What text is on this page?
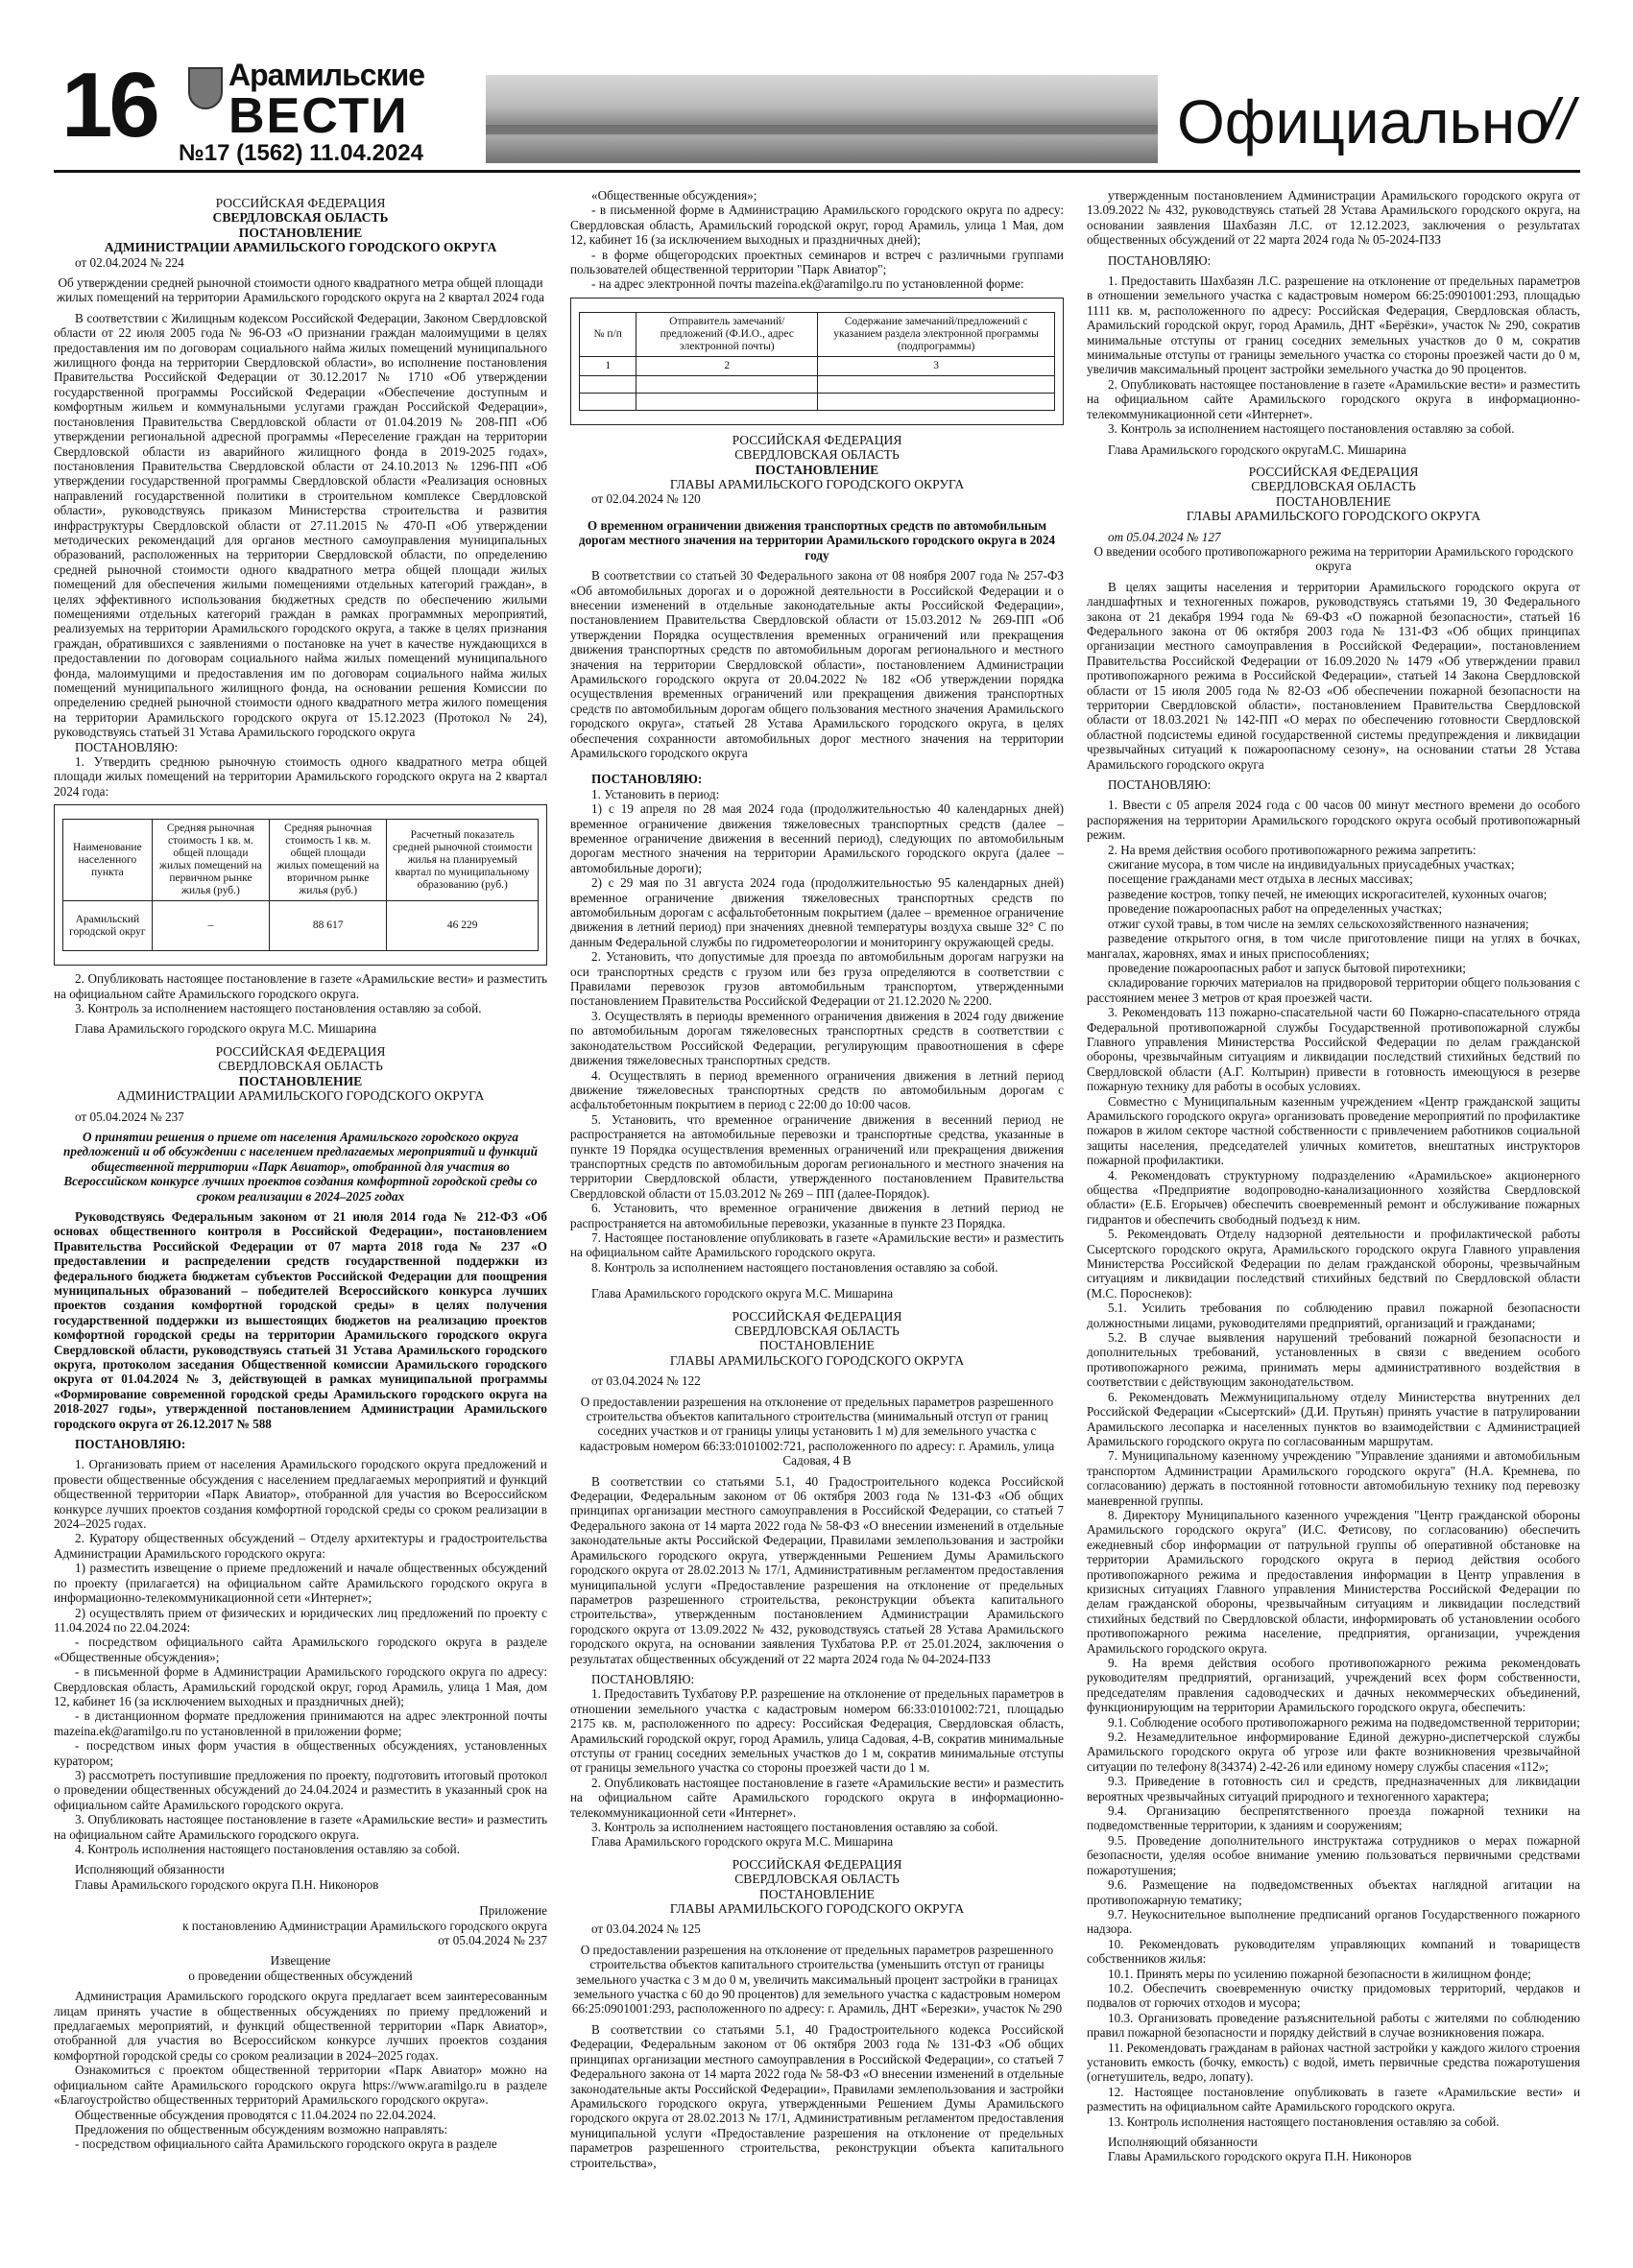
16 Арамильские
ВЕСТИ
№17 (1562) 11.04.2024	Официально
//
РОССИЙСКАЯ ФЕДЕРАЦИЯ
СВЕРДЛОВСКАЯ ОБЛАСТЬ
ПОСТАНОВЛЕНИЕ
АДМИНИСТРАЦИИ АРАМИЛЬСКОГО ГОРОДСКОГО ОКРУГА

от 02.04.2024 № 224

Об утверждении средней рыночной стоимости одного квадратного метра общей площади жилых помещений на территории Арамильского городского округа на 2 квартал 2024 года

В соответствии с Жилищным кодексом Российской Федерации, Законом Свердловской области от 22 июля 2005 года № 96-ОЗ «О признании граждан малоимущими в целях предоставления им по договорам социального найма жилых помещений муниципального жилищного фонда на территории Свердловской области», во исполнение постановления Правительства Российской Федерации от 30.12.2017 № 1710 «Об утверждении государственной программы Российской Федерации «Обеспечение доступным и комфортным жильем и коммунальными услугами граждан Российской Федерации», постановления Правительства Свердловской области от 01.04.2019 № 208-ПП «Об утверждении региональной адресной программы «Переселение граждан на территории Свердловской области из аварийного жилищного фонда в 2019-2025 годах», постановления Правительства Свердловской области от 24.10.2013 № 1296-ПП «Об утверждении государственной программы Свердловской области «Реализация основных направлений государственной политики в строительном комплексе Свердловской области», руководствуясь приказом Министерства строительства и развития инфраструктуры Свердловской области от 27.11.2015 № 470-П «Об утверждении методических рекомендаций для органов местного самоуправления муниципальных образований, расположенных на территории Свердловской области, по определению средней рыночной стоимости одного квадратного метра общей площади жилых помещений для обеспечения жилыми помещениями отдельных категорий граждан», в целях эффективного использования бюджетных средств по обеспечению жилыми помещениями отдельных категорий граждан в рамках программных мероприятий, реализуемых на территории Арамильского городского округа, а также в целях признания граждан, обратившихся с заявлениями о постановке на учет в качестве нуждающихся в предоставлении по договорам социального найма жилых помещений муниципального фонда, малоимущими и предоставления им по договорам социального найма жилых помещений муниципального жилищного фонда, на основании решения Комиссии по определению средней рыночной стоимости одного квадратного метра жилого помещения на территории Арамильского городского округа от 15.12.2023 (Протокол № 24), руководствуясь статьей 31 Устава Арамильского городского округа

ПОСТАНОВЛЯЮ:

1. Утвердить среднюю рыночную стоимость одного квадратного метра общей площади жилых помещений на территории Арамильского городского округа на 2 квартал 2024 года:

Наименование населенного пункта	Средняя рыночная стоимость 1 кв. м. общей площади жилых помещений на первичном рынке жилья (руб.)	Средняя рыночная стоимость 1 кв. м. общей площади жилых помещений на вторичном рынке жилья (руб.)	Расчетный показатель средней рыночной стоимости жилья на планируемый квартал по муниципальному образованию (руб.)
Арамильский городской округ	–	88 617	46 229

2. Опубликовать настоящее постановление в газете «Арамильские вести» и разместить на официальном сайте Арамильского городского округа.

3. Контроль за исполнением настоящего постановления оставляю за собой.

Глава Арамильского городского округа М.С. Мишарина

РОССИЙСКАЯ ФЕДЕРАЦИЯ
СВЕРДЛОВСКАЯ ОБЛАСТЬ
ПОСТАНОВЛЕНИЕ
АДМИНИСТРАЦИИ АРАМИЛЬСКОГО ГОРОДСКОГО ОКРУГА

от 05.04.2024 № 237

О принятии решения о приеме от населения Арамильского городского округа предложений и об обсуждении с населением предлагаемых мероприятий и функций общественной территории «Парк Авиатор», отобранной для участия во Всероссийском конкурсе лучших проектов создания комфортной городской среды со сроком реализации в 2024–2025 годах

Руководствуясь Федеральным законом от 21 июля 2014 года № 212-ФЗ «Об основах общественного контроля в Российской Федерации», постановлением Правительства Российской Федерации от 07 марта 2018 года № 237 «О предоставлении и распределении средств государственной поддержки из федерального бюджета бюджетам субъектов Российской Федерации для поощрения муниципальных образований – победителей Всероссийского конкурса лучших проектов создания комфортной городской среды» в целях получения государственной поддержки из вышестоящих бюджетов на реализацию проектов комфортной городской среды на территории Арамильского городского округа Свердловской области, руководствуясь статьей 31 Устава Арамильского городского округа, протоколом заседания Общественной комиссии Арамильского городского округа от 01.04.2024 № 3, действующей в рамках муниципальной программы «Формирование современной городской среды Арамильского городского округа на 2018-2027 годы», утвержденной постановлением Администрации Арамильского городского округа от 26.12.2017 № 588

ПОСТАНОВЛЯЮ:

1. Организовать прием от населения Арамильского городского округа предложений и провести общественные обсуждения с населением предлагаемых мероприятий и функций общественной территории «Парк Авиатор», отобранной для участия во Всероссийском конкурсе лучших проектов создания комфортной городской среды со сроком реализации в 2024–2025 годах.

2. Куратору общественных обсуждений – Отделу архитектуры и градостроительства Администрации Арамильского городского округа:

1) разместить извещение о приеме предложений и начале общественных обсуждений по проекту (прилагается) на официальном сайте Арамильского городского округа в информационно-телекоммуникационной сети «Интернет»;

2) осуществлять прием от физических и юридических лиц предложений по проекту с 11.04.2024 по 22.04.2024:

- посредством официального сайта Арамильского городского округа в разделе «Общественные обсуждения»;

- в письменной форме в Администрации Арамильского городского округа по адресу: Свердловская область, Арамильский городской округ, город Арамиль, улица 1 Мая, дом 12, кабинет 16 (за исключением выходных и праздничных дней);

- в дистанционном формате предложения принимаются на адрес электронной почты mazeina.ek@aramilgo.ru по установленной в приложении форме;

- посредством иных форм участия в общественных обсуждениях, установленных куратором;

3) рассмотреть поступившие предложения по проекту, подготовить итоговый протокол о проведении общественных обсуждений до 24.04.2024 и разместить в указанный срок на официальном сайте Арамильского городского округа.

3. Опубликовать настоящее постановление в газете «Арамильские вести» и разместить на официальном сайте Арамильского городского округа.

4. Контроль исполнения настоящего постановления оставляю за собой.

Исполняющий обязанности

Главы Арамильского городского округа П.Н. Никоноров

Приложение
к постановлению Администрации Арамильского городского округа
от 05.04.2024 № 237

Извещение

о проведении общественных обсуждений

Администрация Арамильского городского округа предлагает всем заинтересованным лицам принять участие в общественных обсуждениях по приему предложений и предлагаемых мероприятий, и функций общественной территории «Парк Авиатор», отобранной для участия во Всероссийском конкурсе лучших проектов создания комфортной городской среды со сроком реализации в 2024–2025 годах.

Ознакомиться с проектом общественной территории «Парк Авиатор» можно на официальном сайте Арамильского городского округа https://www.aramilgo.ru в разделе «Благоустройство общественных территорий Арамильского городского округа».

Общественные обсуждения проводятся с 11.04.2024 по 22.04.2024.

Предложения по общественным обсуждениям возможно направлять:

- посредством официального сайта Арамильского городского округа в разделе

«Общественные обсуждения»;

- в письменной форме в Администрацию Арамильского городского округа по адресу: Свердловская область, Арамильский городской округ, город Арамиль, улица 1 Мая, дом 12, кабинет 16 (за исключением выходных и праздничных дней);

- в форме общегородских проектных семинаров и встреч с различными группами пользователей общественной территории "Парк Авиатор";

- на адрес электронной почты mazeina.ek@aramilgo.ru по установленной форме:

№ п/п	Отправитель замечаний/ предложений (Ф.И.О., адрес электронной почты)	Содержание замечаний/предложений с указанием раздела электронной программы (подпрограммы)
1	2	3

РОССИЙСКАЯ ФЕДЕРАЦИЯ
СВЕРДЛОВСКАЯ ОБЛАСТЬ
ПОСТАНОВЛЕНИЕ
ГЛАВЫ АРАМИЛЬСКОГО ГОРОДСКОГО ОКРУГА

от 02.04.2024 № 120

О временном ограничении движения транспортных средств по автомобильным дорогам местного значения на территории Арамильского городского округа в 2024 году

В соответствии со статьей 30 Федерального закона от 08 ноября 2007 года № 257-ФЗ «Об автомобильных дорогах и о дорожной деятельности в Российской Федерации и о внесении изменений в отдельные законодательные акты Российской Федерации», постановлением Правительства Свердловской области от 15.03.2012 № 269-ПП «Об утверждении Порядка осуществления временных ограничений или прекращения движения транспортных средств по автомобильным дорогам регионального и местного значения на территории Свердловской области», постановлением Администрации Арамильского городского округа от 20.04.2022 № 182 «Об утверждении порядка осуществления временных ограничений или прекращения движения транспортных средств по автомобильным дорогам общего пользования местного значения Арамильского городского округа», статьей 28 Устава Арамильского городского округа, в целях обеспечения сохранности автомобильных дорог местного значения на территории Арамильского городского округа

ПОСТАНОВЛЯЮ:

1. Установить в период:

1) с 19 апреля по 28 мая 2024 года (продолжительностью 40 календарных дней) временное ограничение движения тяжеловесных транспортных средств (далее – временное ограничение движения в весенний период), следующих по автомобильным дорогам местного значения на территории Арамильского городского округа (далее – автомобильные дороги);

2) с 29 мая по 31 августа 2024 года (продолжительностью 95 календарных дней) временное ограничение движения тяжеловесных транспортных средств по автомобильным дорогам с асфальтобетонным покрытием (далее – временное ограничение движения в летний период) при значениях дневной температуры воздуха свыше 32° С по данным Федеральной службы по гидрометеорологии и мониторингу окружающей среды.

2. Установить, что допустимые для проезда по автомобильным дорогам нагрузки на оси транспортных средств с грузом или без груза определяются в соответствии с Правилами перевозок грузов автомобильным транспортом, утвержденными постановлением Правительства Российской Федерации от 21.12.2020 № 2200.

3. Осуществлять в периоды временного ограничения движения в 2024 году движение по автомобильным дорогам тяжеловесных транспортных средств в соответствии с законодательством Российской Федерации, регулирующим правоотношения в сфере движения тяжеловесных транспортных средств.

4. Осуществлять в период временного ограничения движения в летний период движение тяжеловесных транспортных средств по автомобильным дорогам с асфальтобетонным покрытием в период с 22:00 до 10:00 часов.

5. Установить, что временное ограничение движения в весенний период не распространяется на автомобильные перевозки и транспортные средства, указанные в пункте 19 Порядка осуществления временных ограничений или прекращения движения транспортных средств по автомобильным дорогам регионального и местного значения на территории Свердловской области, утвержденного постановлением Правительства Свердловской области от 15.03.2012 № 269 – ПП (далее-Порядок).

6. Установить, что временное ограничение движения в летний период не распространяется на автомобильные перевозки, указанные в пункте 23 Порядка.

7. Настоящее постановление опубликовать в газете «Арамильские вести» и разместить на официальном сайте Арамильского городского округа.

8. Контроль за исполнением настоящего постановления оставляю за собой.

Глава Арамильского городского округа М.С. Мишарина

РОССИЙСКАЯ ФЕДЕРАЦИЯ
СВЕРДЛОВСКАЯ ОБЛАСТЬ
ПОСТАНОВЛЕНИЕ
ГЛАВЫ АРАМИЛЬСКОГО ГОРОДСКОГО ОКРУГА

от 03.04.2024 № 122

О предоставлении разрешения на отклонение от предельных параметров разрешенного строительства объектов капитального строительства (минимальный отступ от границ соседних участков и от границы улицы установить 1 м) для земельного участка с кадастровым номером 66:33:0101002:721, расположенного по адресу: г. Арамиль, улица Садовая, 4 В

В соответствии со статьями 5.1, 40 Градостроительного кодекса Российской Федерации, Федеральным законом от 06 октября 2003 года № 131-ФЗ «Об общих принципах организации местного самоуправления в Российской Федерации, со статьей 7 Федерального закона от 14 марта 2022 года № 58-ФЗ «О внесении изменений в отдельные законодательные акты Российской Федерации, Правилами землепользования и застройки Арамильского городского округа, утвержденными Решением Думы Арамильского городского округа от 28.02.2013 № 17/1, Административным регламентом предоставления муниципальной услуги «Предоставление разрешения на отклонение от предельных параметров разрешенного строительства, реконструкции объекта капитального строительства», утвержденным постановлением Администрации Арамильского городского округа от 13.09.2022 № 432, руководствуясь статьей 28 Устава Арамильского городского округа, на основании заявления Тухбатова Р.Р. от 25.01.2024, заключения о результатах общественных обсуждений от 22 марта 2024 года № 04-2024-ПЗЗ

ПОСТАНОВЛЯЮ:

1. Предоставить Тухбатову Р.Р. разрешение на отклонение от предельных параметров в отношении земельного участка с кадастровым номером 66:33:0101002:721, площадью 2175 кв. м, расположенного по адресу: Российская Федерация, Свердловская область, Арамильский городской округ, город Арамиль, улица Садовая, 4-В, сократив минимальные отступы от границ соседних земельных участков до 1 м, сократив минимальные отступы от границы земельного участка со стороны проезжей части до 1 м.

2. Опубликовать настоящее постановление в газете «Арамильские вести» и разместить на официальном сайте Арамильского городского округа в информационно-телекоммуникационной сети «Интернет».

3. Контроль за исполнением настоящего постановления оставляю за собой.

Глава Арамильского городского округа М.С. Мишарина

РОССИЙСКАЯ ФЕДЕРАЦИЯ
СВЕРДЛОВСКАЯ ОБЛАСТЬ
ПОСТАНОВЛЕНИЕ
ГЛАВЫ АРАМИЛЬСКОГО ГОРОДСКОГО ОКРУГА

от 03.04.2024 № 125

О предоставлении разрешения на отклонение от предельных параметров разрешенного строительства объектов капитального строительства (уменьшить отступ от границы земельного участка с 3 м до 0 м, увеличить максимальный процент застройки в границах земельного участка с 60 до 90 процентов) для земельного участка с кадастровым номером 66:25:0901001:293, расположенного по адресу: г. Арамиль, ДНТ «Березки», участок № 290

В соответствии со статьями 5.1, 40 Градостроительного кодекса Российской Федерации, Федеральным законом от 06 октября 2003 года № 131-ФЗ «Об общих принципах организации местного самоуправления в Российской Федерации», со статьей 7 Федерального закона от 14 марта 2022 года № 58-ФЗ «О внесении изменений в отдельные законодательные акты Российской Федерации», Правилами землепользования и застройки Арамильского городского округа, утвержденными Решением Думы Арамильского городского округа от 28.02.2013 № 17/1, Административным регламентом предоставления муниципальной услуги «Предоставление разрешения на отклонение от предельных параметров разрешенного строительства, реконструкции объекта капитального строительства»,

утвержденным постановлением Администрации Арамильского городского округа от 13.09.2022 № 432, руководствуясь статьей 28 Устава Арамильского городского округа, на основании заявления Шахбазян Л.С. от 12.12.2023, заключения о результатах общественных обсуждений от 22 марта 2024 года № 05-2024-ПЗЗ

ПОСТАНОВЛЯЮ:

1. Предоставить Шахбазян Л.С. разрешение на отклонение от предельных параметров в отношении земельного участка с кадастровым номером 66:25:0901001:293, площадью 1111 кв. м, расположенного по адресу: Российская Федерация, Свердловская область, Арамильский городской округ, город Арамиль, ДНТ «Берёзки», участок № 290, сократив минимальные отступы от границ соседних земельных участков до 0 м, сократив минимальные отступы от границы земельного участка со стороны проезжей части до 0 м, увеличив максимальный процент застройки земельного участка до 90 процентов.

2. Опубликовать настоящее постановление в газете «Арамильские вести» и разместить на официальном сайте Арамильского городского округа в информационно-телекоммуникационной сети «Интернет».

3. Контроль за исполнением настоящего постановления оставляю за собой.

Глава Арамильского городского округаМ.С. Мишарина

РОССИЙСКАЯ ФЕДЕРАЦИЯ
СВЕРДЛОВСКАЯ ОБЛАСТЬ
ПОСТАНОВЛЕНИЕ
ГЛАВЫ АРАМИЛЬСКОГО ГОРОДСКОГО ОКРУГА

от 05.04.2024 № 127

О введении особого противопожарного режима на территории Арамильского городского округа

В целях защиты населения и территории Арамильского городского округа от ландшафтных и техногенных пожаров, руководствуясь статьями 19, 30 Федерального закона от 21 декабря 1994 года № 69-ФЗ «О пожарной безопасности», статьей 16 Федерального закона от 06 октября 2003 года № 131-ФЗ «Об общих принципах организации местного самоуправления в Российской Федерации», постановлением Правительства Российской Федерации от 16.09.2020 № 1479 «Об утверждении правил противопожарного режима в Российской Федерации», статьей 14 Закона Свердловской области от 15 июля 2005 года № 82-ОЗ «Об обеспечении пожарной безопасности на территории Свердловской области», постановлением Правительства Свердловской области от 18.03.2021 № 142-ПП «О мерах по обеспечению готовности Свердловской областной подсистемы единой государственной системы предупреждения и ликвидации чрезвычайных ситуаций к пожароопасному сезону», на основании статьи 28 Устава Арамильского городского округа

ПОСТАНОВЛЯЮ:

1. Ввести с 05 апреля 2024 года с 00 часов 00 минут местного времени до особого распоряжения на территории Арамильского городского округа особый противопожарный режим.

2. На время действия особого противопожарного режима запретить:

сжигание мусора, в том числе на индивидуальных приусадебных участках;

посещение гражданами мест отдыха в лесных массивах;

разведение костров, топку печей, не имеющих искрогасителей, кухонных очагов;

проведение пожароопасных работ на определенных участках;

отжиг сухой травы, в том числе на землях сельскохозяйственного назначения;

разведение открытого огня, в том числе приготовление пищи на углях в бочках, мангалах, жаровнях, ямах и иных приспособлениях;

проведение пожароопасных работ и запуск бытовой пиротехники;

складирование горючих материалов на придворовой территории общего пользования с расстоянием менее 3 метров от края проезжей части.

3. Рекомендовать 113 пожарно-спасательной части 60 Пожарно-спасательного отряда Федеральной противопожарной службы Государственной противопожарной службы Главного управления Министерства Российской Федерации по делам гражданской обороны, чрезвычайным ситуациям и ликвидации последствий стихийных бедствий по Свердловской области (А.Г. Колтырин) привести в готовность имеющуюся в резерве пожарную технику для работы в особых условиях.

Совместно с Муниципальным казенным учреждением «Центр гражданской защиты Арамильского городского округа» организовать проведение мероприятий по профилактике пожаров в жилом секторе частной собственности с привлечением работников социальной защиты населения, председателей уличных комитетов, внештатных инструкторов пожарной профилактики.

4. Рекомендовать структурному подразделению «Арамильское» акционерного общества «Предприятие водопроводно-канализационного хозяйства Свердловской области» (Е.Б. Егорычев) обеспечить своевременный ремонт и обслуживание пожарных гидрантов и обеспечить свободный подъезд к ним.

5. Рекомендовать Отделу надзорной деятельности и профилактической работы Сысертского городского округа, Арамильского городского округа Главного управления Министерства Российской Федерации по делам гражданской обороны, чрезвычайным ситуациям и ликвидации последствий стихийных бедствий по Свердловской области (М.С. Пороснеков):

5.1. Усилить требования по соблюдению правил пожарной безопасности должностными лицами, руководителями предприятий, организаций и гражданами;

5.2. В случае выявления нарушений требований пожарной безопасности и дополнительных требований, установленных в связи с введением особого противопожарного режима, принимать меры административного воздействия в соответствии с действующим законодательством.

6. Рекомендовать Межмуниципальному отделу Министерства внутренних дел Российской Федерации «Сысертский» (Д.И. Прутьян) принять участие в патрулировании Арамильского лесопарка и населенных пунктов во взаимодействии с Администрацией Арамильского городского округа по согласованным маршрутам.

7. Муниципальному казенному учреждению "Управление зданиями и автомобильным транспортом Администрации Арамильского городского округа" (Н.А. Кремнева, по согласованию) держать в постоянной готовности автомобильную технику под перевозку маневренной группы.

8. Директору Муниципального казенного учреждения "Центр гражданской обороны Арамильского городского округа" (И.С. Фетисову, по согласованию) обеспечить ежедневный сбор информации от патрульной группы об оперативной обстановке на территории Арамильского городского округа в период действия особого противопожарного режима и предоставления информации в Центр управления в кризисных ситуациях Главного управления Министерства Российской Федерации по делам гражданской обороны, чрезвычайным ситуациям и ликвидации последствий стихийных бедствий по Свердловской области, информировать об установлении особого противопожарного режима население, предприятия, организации, учреждения Арамильского городского округа.

9. На время действия особого противопожарного режима рекомендовать руководителям предприятий, организаций, учреждений всех форм собственности, председателям правления садоводческих и дачных некоммерческих объединений, функционирующим на территории Арамильского городского округа, обеспечить:

9.1. Соблюдение особого противопожарного режима на подведомственной территории;

9.2. Незамедлительное информирование Единой дежурно-диспетчерской службы Арамильского городского округа об угрозе или факте возникновения чрезвычайной ситуации по телефону 8(34374) 2-42-26 или единому номеру службы спасения «112»;

9.3. Приведение в готовность сил и средств, предназначенных для ликвидации вероятных чрезвычайных ситуаций природного и техногенного характера;

9.4. Организацию беспрепятственного проезда пожарной техники на подведомственные территории, к зданиям и сооружениям;

9.5. Проведение дополнительного инструктажа сотрудников о мерах пожарной безопасности, уделяя особое внимание умению пользоваться первичными средствами пожаротушения;

9.6. Размещение на подведомственных объектах наглядной агитации на противопожарную тематику;

9.7. Неукоснительное выполнение предписаний органов Государственного пожарного надзора.

10. Рекомендовать руководителям управляющих компаний и товариществ собственников жилья:

10.1. Принять меры по усилению пожарной безопасности в жилищном фонде;

10.2. Обеспечить своевременную очистку придомовых территорий, чердаков и подвалов от горючих отходов и мусора;

10.3. Организовать проведение разъяснительной работы с жителями по соблюдению правил пожарной безопасности и порядку действий в случае возникновения пожара.

11. Рекомендовать гражданам в районах частной застройки у каждого жилого строения установить емкость (бочку, емкость) с водой, иметь первичные средства пожаротушения (огнетушитель, ведро, лопату).

12. Настоящее постановление опубликовать в газете «Арамильские вести» и разместить на официальном сайте Арамильского городского округа.

13. Контроль исполнения настоящего постановления оставляю за собой.

Исполняющий обязанности

Главы Арамильского городского округа П.Н. Никоноров
